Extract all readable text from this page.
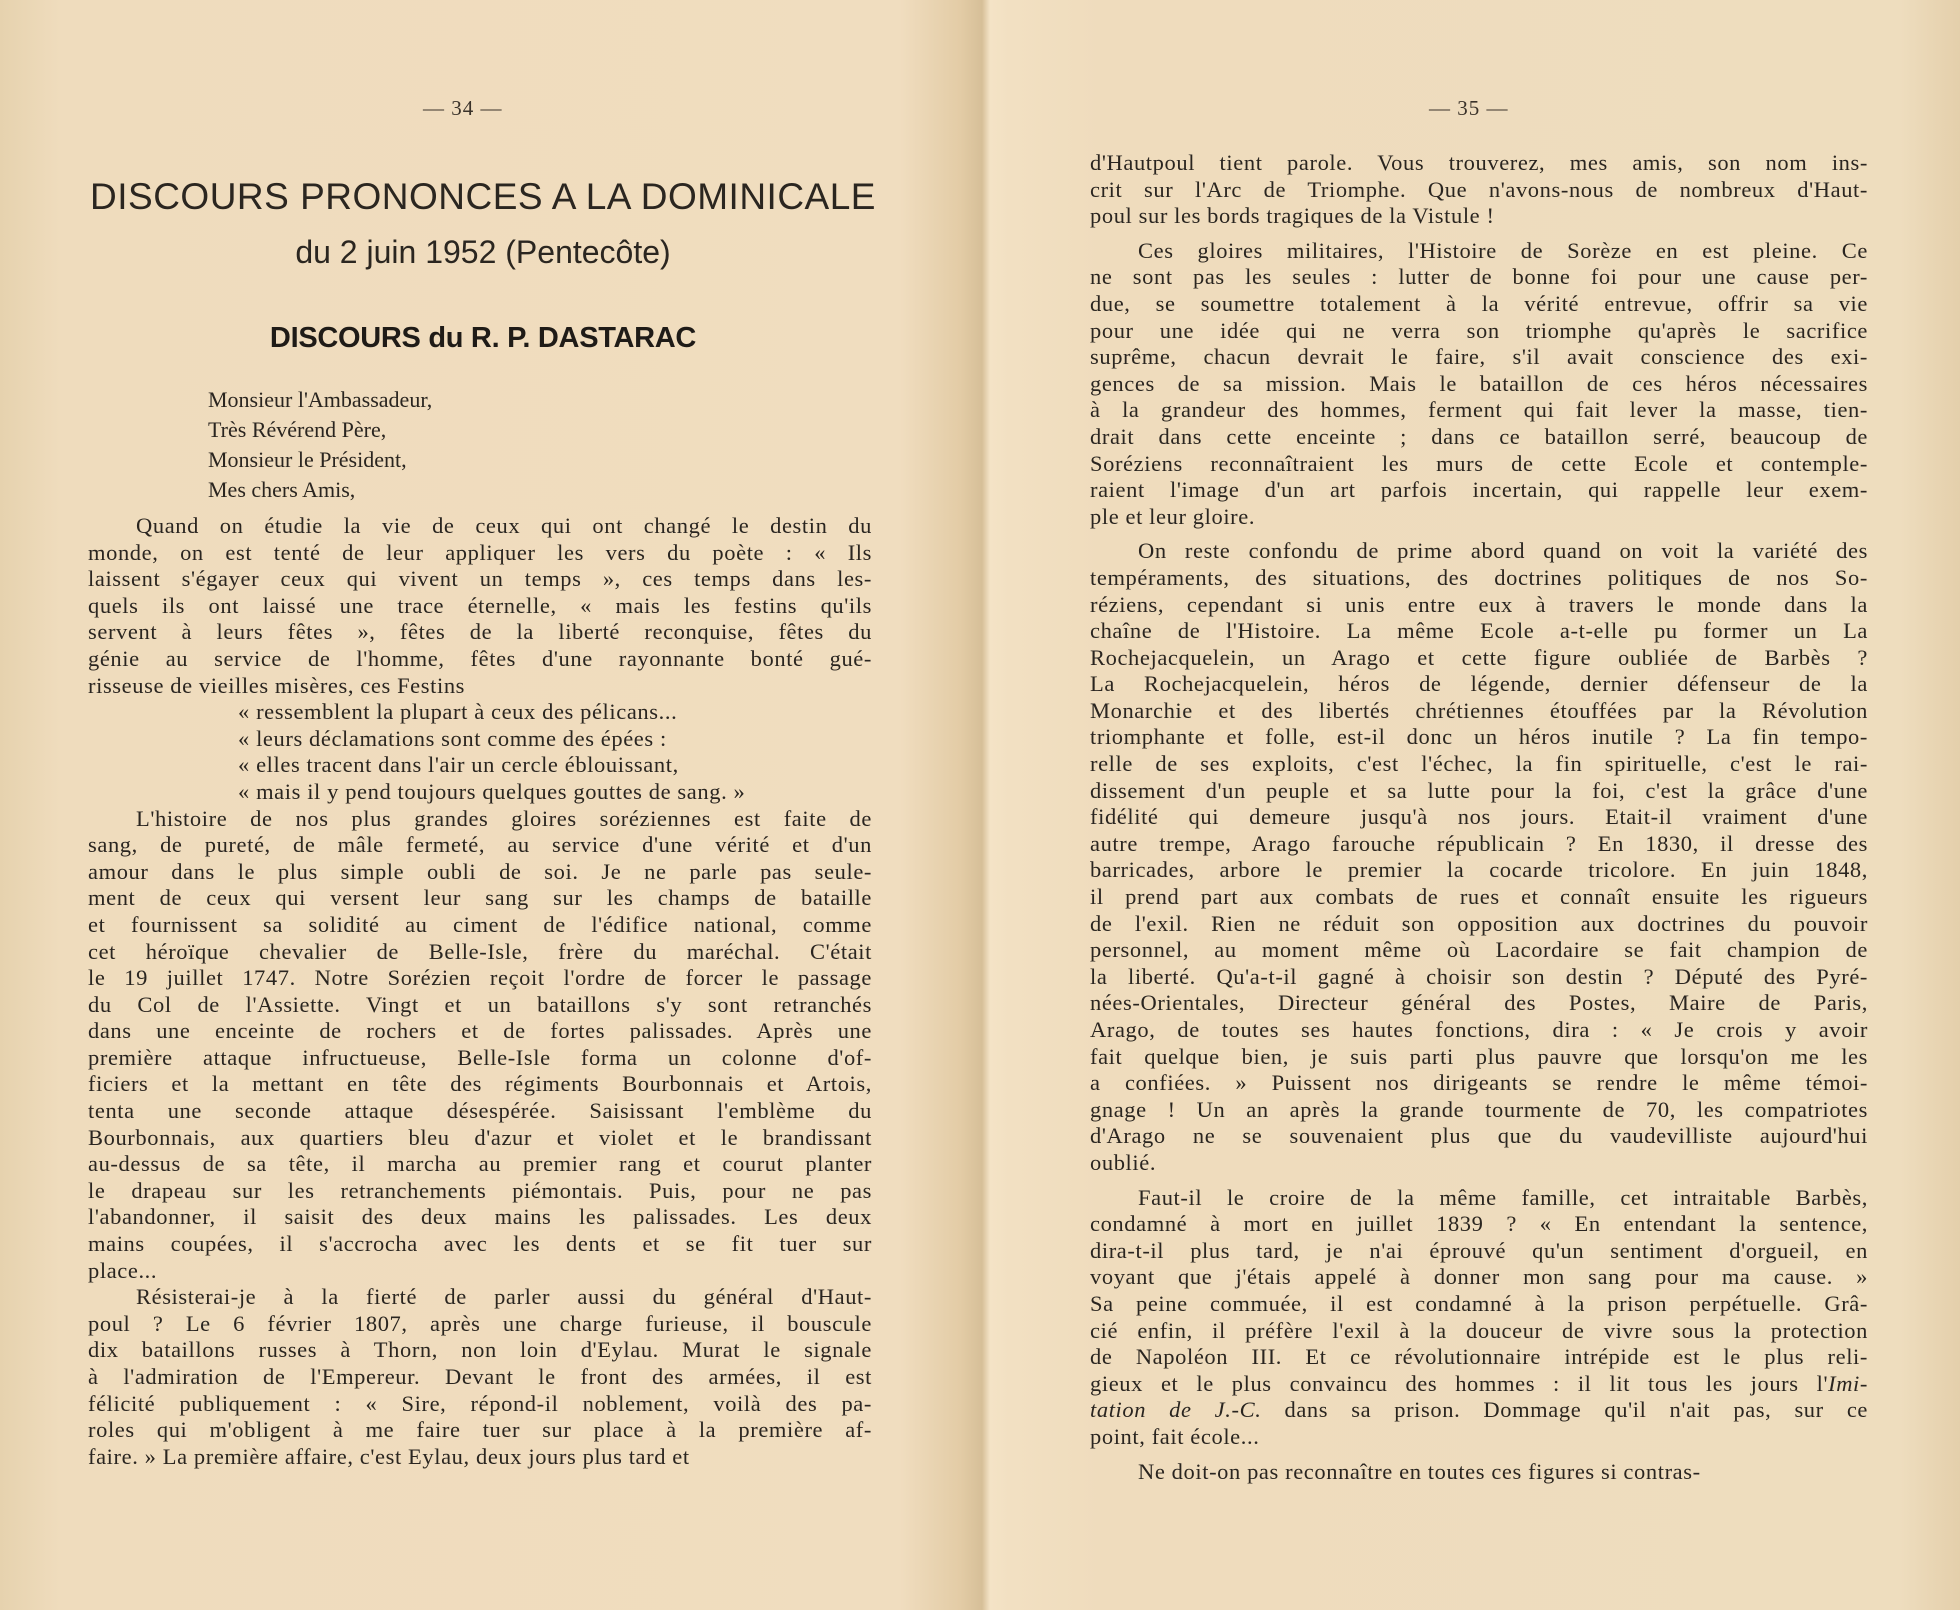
— 34 —
DISCOURS PRONONCES A LA DOMINICALE
du 2 juin 1952 (Pentecôte)
DISCOURS du R. P. DASTARAC
Monsieur l'Ambassadeur,
Très Révérend Père,
Monsieur le Président,
Mes chers Amis,
Quand on étudie la vie de ceux qui ont changé le destin du
monde, on est tenté de leur appliquer les vers du poète : « Ils
laissent s'égayer ceux qui vivent un temps », ces temps dans les-
quels ils ont laissé une trace éternelle, « mais les festins qu'ils
servent à leurs fêtes », fêtes de la liberté reconquise, fêtes du
génie au service de l'homme, fêtes d'une rayonnante bonté gué-
risseuse de vieilles misères, ces Festins
« ressemblent la plupart à ceux des pélicans...
« leurs déclamations sont comme des épées :
« elles tracent dans l'air un cercle éblouissant,
« mais il y pend toujours quelques gouttes de sang. »
L'histoire de nos plus grandes gloires soréziennes est faite de
sang, de pureté, de mâle fermeté, au service d'une vérité et d'un
amour dans le plus simple oubli de soi. Je ne parle pas seule-
ment de ceux qui versent leur sang sur les champs de bataille
et fournissent sa solidité au ciment de l'édifice national, comme
cet héroïque chevalier de Belle-Isle, frère du maréchal. C'était
le 19 juillet 1747. Notre Sorézien reçoit l'ordre de forcer le passage
du Col de l'Assiette. Vingt et un bataillons s'y sont retranchés
dans une enceinte de rochers et de fortes palissades. Après une
première attaque infructueuse, Belle-Isle forma un colonne d'of-
ficiers et la mettant en tête des régiments Bourbonnais et Artois,
tenta une seconde attaque désespérée. Saisissant l'emblème du
Bourbonnais, aux quartiers bleu d'azur et violet et le brandissant
au-dessus de sa tête, il marcha au premier rang et courut planter
le drapeau sur les retranchements piémontais. Puis, pour ne pas
l'abandonner, il saisit des deux mains les palissades. Les deux
mains coupées, il s'accrocha avec les dents et se fit tuer sur
place...
Résisterai-je à la fierté de parler aussi du général d'Haut-
poul ? Le 6 février 1807, après une charge furieuse, il bouscule
dix bataillons russes à Thorn, non loin d'Eylau. Murat le signale
à l'admiration de l'Empereur. Devant le front des armées, il est
félicité publiquement : « Sire, répond-il noblement, voilà des pa-
roles qui m'obligent à me faire tuer sur place à la première af-
faire. » La première affaire, c'est Eylau, deux jours plus tard et
— 35 —
d'Hautpoul tient parole. Vous trouverez, mes amis, son nom ins-
crit sur l'Arc de Triomphe. Que n'avons-nous de nombreux d'Haut-
poul sur les bords tragiques de la Vistule !
Ces gloires militaires, l'Histoire de Sorèze en est pleine. Ce
ne sont pas les seules : lutter de bonne foi pour une cause per-
due, se soumettre totalement à la vérité entrevue, offrir sa vie
pour une idée qui ne verra son triomphe qu'après le sacrifice
suprême, chacun devrait le faire, s'il avait conscience des exi-
gences de sa mission. Mais le bataillon de ces héros nécessaires
à la grandeur des hommes, ferment qui fait lever la masse, tien-
drait dans cette enceinte ; dans ce bataillon serré, beaucoup de
Soréziens reconnaîtraient les murs de cette Ecole et contemple-
raient l'image d'un art parfois incertain, qui rappelle leur exem-
ple et leur gloire.
On reste confondu de prime abord quand on voit la variété des
tempéraments, des situations, des doctrines politiques de nos So-
réziens, cependant si unis entre eux à travers le monde dans la
chaîne de l'Histoire. La même Ecole a-t-elle pu former un La
Rochejacquelein, un Arago et cette figure oubliée de Barbès ?
La Rochejacquelein, héros de légende, dernier défenseur de la
Monarchie et des libertés chrétiennes étouffées par la Révolution
triomphante et folle, est-il donc un héros inutile ? La fin tempo-
relle de ses exploits, c'est l'échec, la fin spirituelle, c'est le rai-
dissement d'un peuple et sa lutte pour la foi, c'est la grâce d'une
fidélité qui demeure jusqu'à nos jours. Etait-il vraiment d'une
autre trempe, Arago farouche républicain ? En 1830, il dresse des
barricades, arbore le premier la cocarde tricolore. En juin 1848,
il prend part aux combats de rues et connaît ensuite les rigueurs
de l'exil. Rien ne réduit son opposition aux doctrines du pouvoir
personnel, au moment même où Lacordaire se fait champion de
la liberté. Qu'a-t-il gagné à choisir son destin ? Député des Pyré-
nées-Orientales, Directeur général des Postes, Maire de Paris,
Arago, de toutes ses hautes fonctions, dira : « Je crois y avoir
fait quelque bien, je suis parti plus pauvre que lorsqu'on me les
a confiées. » Puissent nos dirigeants se rendre le même témoi-
gnage ! Un an après la grande tourmente de 70, les compatriotes
d'Arago ne se souvenaient plus que du vaudevilliste aujourd'hui
oublié.
Faut-il le croire de la même famille, cet intraitable Barbès,
condamné à mort en juillet 1839 ? « En entendant la sentence,
dira-t-il plus tard, je n'ai éprouvé qu'un sentiment d'orgueil, en
voyant que j'étais appelé à donner mon sang pour ma cause. »
Sa peine commuée, il est condamné à la prison perpétuelle. Grâ-
cié enfin, il préfère l'exil à la douceur de vivre sous la protection
de Napoléon III. Et ce révolutionnaire intrépide est le plus reli-
gieux et le plus convaincu des hommes : il lit tous les jours l'Imi-
tation de J.-C. dans sa prison. Dommage qu'il n'ait pas, sur ce
point, fait école...
Ne doit-on pas reconnaître en toutes ces figures si contras-
